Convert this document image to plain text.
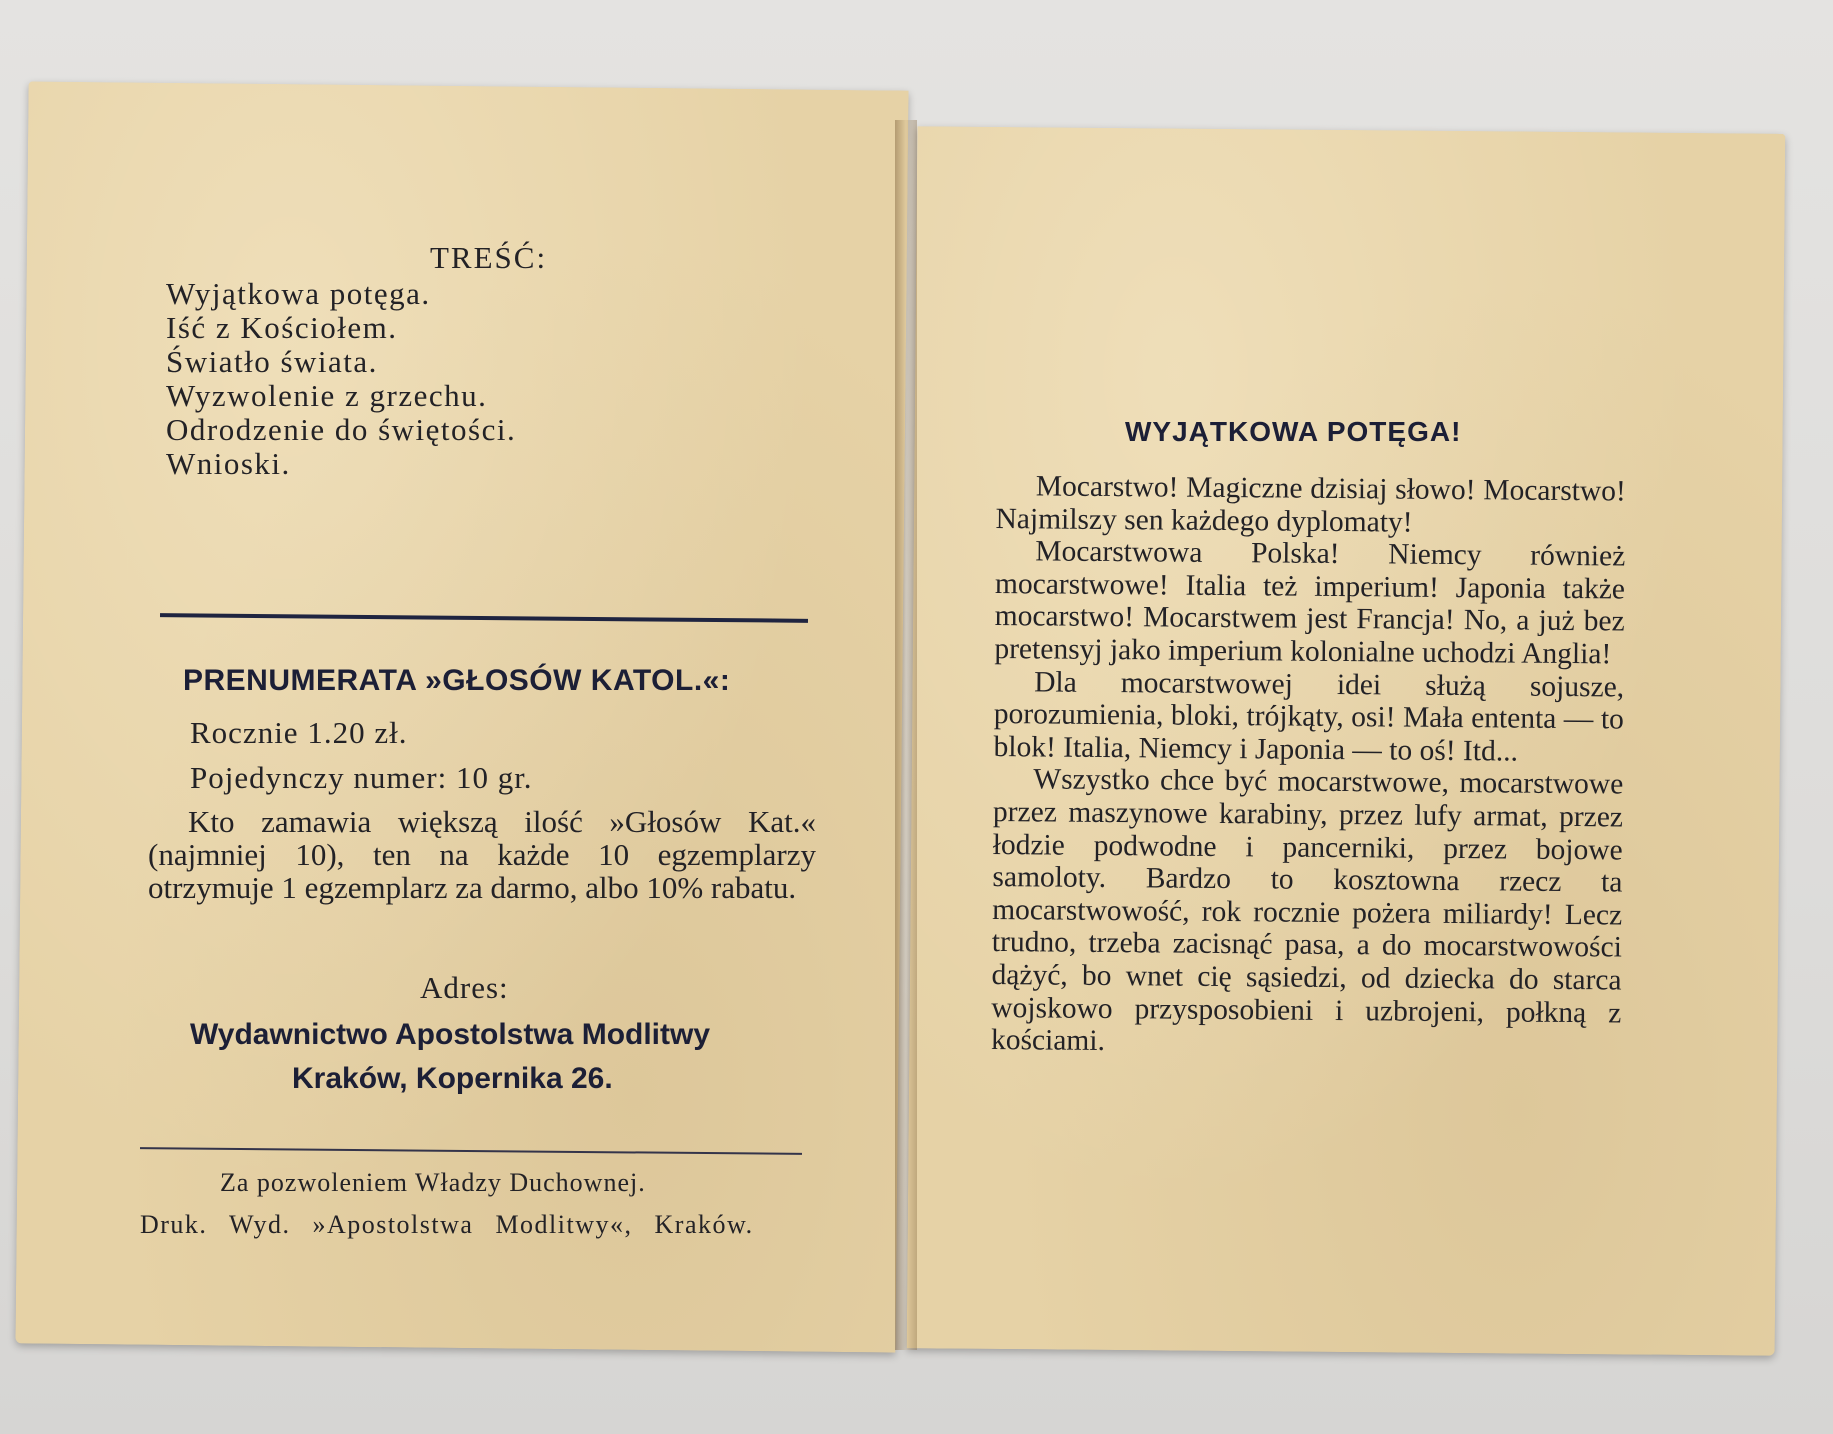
TREŚĆ:
Wyjątkowa potęga.
Iść z Kościołem.
Światło świata.
Wyzwolenie z grzechu.
Odrodzenie do świętości.
Wnioski.
PRENUMERATA »GŁOSÓW KATOL.«:
Rocznie 1.20 zł.
Pojedynczy numer: 10 gr.
Kto zamawia większą ilość »Głosów Kat.« (najmniej 10), ten na każde 10 egzemplarzy otrzymuje 1 egzemplarz za darmo, albo 10% rabatu.
Adres:
Wydawnictwo Apostolstwa Modlitwy
Kraków, Kopernika 26.
Za pozwoleniem Władzy Duchownej.
Druk. Wyd. »Apostolstwa Modlitwy«, Kraków.
WYJĄTKOWA POTĘGA!

Mocarstwo! Magiczne dzisiaj słowo! Mocarstwo! Najmilszy sen każdego dyplomaty!

Mocarstwowa Polska! Niemcy również mocarstwowe! Italia też imperium! Japonia także mocarstwo! Mocarstwem jest Francja! No, a już bez pretensyj jako imperium kolonialne uchodzi Anglia!

Dla mocarstwowej idei służą sojusze, porozumienia, bloki, trójkąty, osi! Mała ententa — to blok! Italia, Niemcy i Japonia — to oś! Itd...

Wszystko chce być mocarstwowe, mocarstwowe przez maszynowe karabiny, przez lufy armat, przez łodzie podwodne i pancerniki, przez bojowe samoloty. Bardzo to kosztowna rzecz ta mocarstwowość, rok rocznie pożera miliardy! Lecz trudno, trzeba zacisnąć pasa, a do mocarstwowości dążyć, bo wnet cię sąsiedzi, od dziecka do starca wojskowo przysposobieni i uzbrojeni, połkną z kościami.
